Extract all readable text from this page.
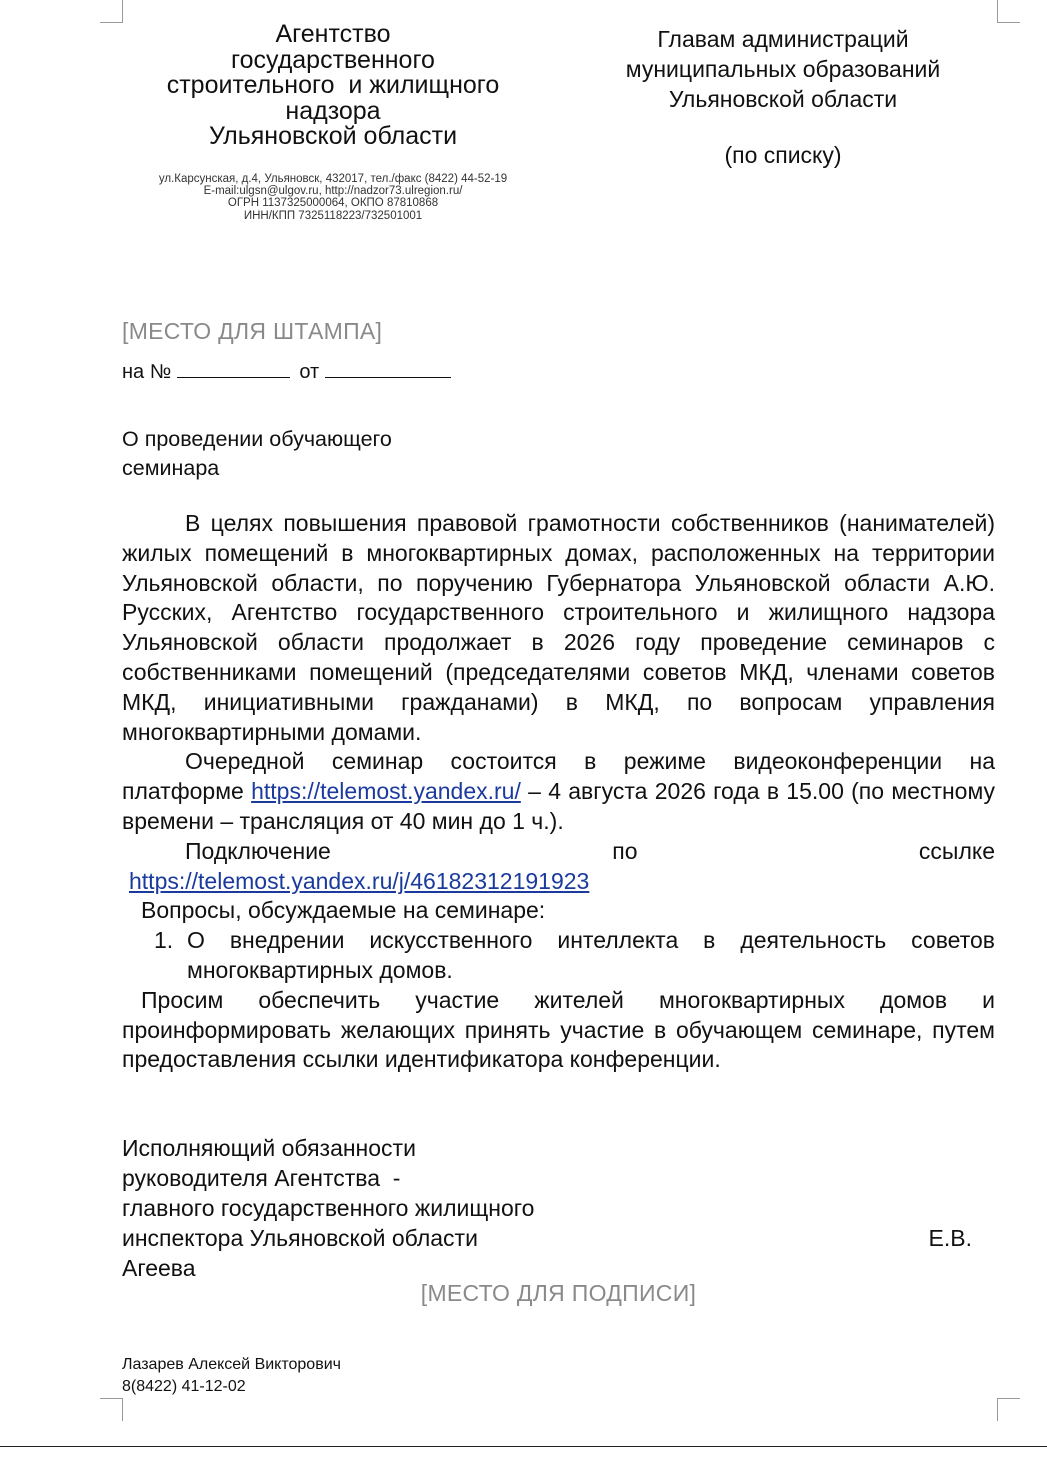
Агентство
государственного
строительного  и жилищного
надзора
Ульяновской области
ул.Карсунская, д.4, Ульяновск, 432017, тел./факс (8422) 44-52-19
E-mail:ulgsn@ulgov.ru, http://nadzor73.ulregion.ru/
ОГРН 1137325000064, ОКПО 87810868
ИНН/КПП 7325118223/732501001
Главам администраций
муниципальных образований
Ульяновской области
(по списку)
[МЕСТО ДЛЯ ШТАМПА]
на №	от
О проведении обучающего
семинара

В целях повышения правовой грамотности собственников (нанимателей) жилых помещений в многоквартирных домах, расположенных на территории Ульяновской области, по поручению Губернатора Ульяновской области А.Ю. Русских, Агентство государственного строительного и жилищного надзора Ульяновской области продолжает в 2026 году проведение семинаров с собственниками помещений (председателями советов МКД, членами советов МКД, инициативными гражданами) в МКД, по вопросам управления многоквартирными домами.

Очередной семинар состоится в режиме видеоконференции на платформе https://telemost.yandex.ru/ – 4 августа 2026 года в 15.00 (по местному времени – трансляция от 40 мин до 1 ч.).

Подключение по ссылке

https://telemost.yandex.ru/j/46182312191923
Вопросы, обсуждаемые на семинаре:
1. О внедрении искусственного интеллекта в деятельность советов многоквартирных домов.

Просим обеспечить участие жителей многоквартирных домов и проинформировать желающих принять участие в обучающем семинаре, путем предоставления ссылки идентификатора конференции.

Исполняющий обязанности
руководителя Агентства  -
главного государственного жилищного
инспектора Ульяновской области	Е.В.
Агеева
[МЕСТО ДЛЯ ПОДПИСИ]
Лазарев Алексей Викторович
8(8422) 41-12-02
